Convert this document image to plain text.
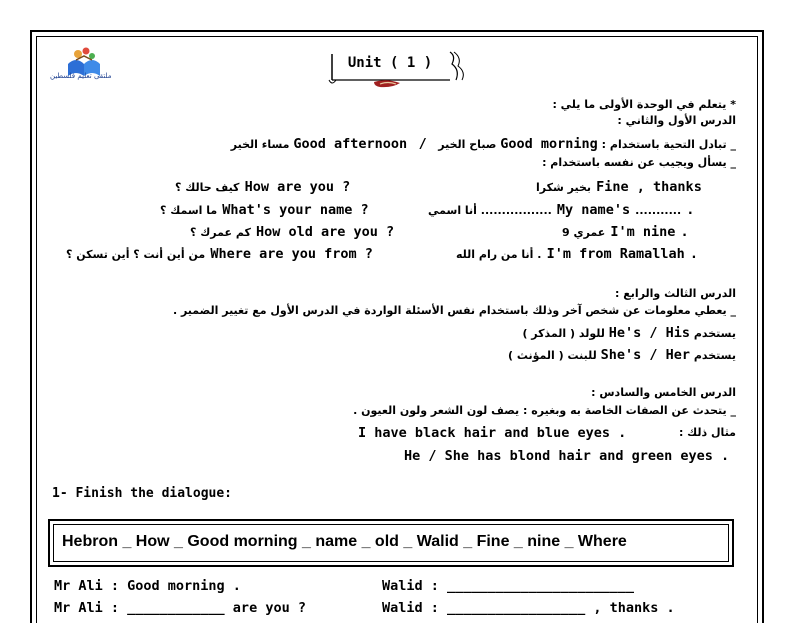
ملتقى تعليم فلسطين
Unit ( 1 )
* يتعلم في الوحدة الأولى ما يلي :
الدرس الأول والثاني :
_ تبادل التحية باستخدام : Good morning صباح الخير   /   Good afternoon مساء الخير
_ يسأل ويجيب عن نفسه باستخدام :
كيف حالك ؟ How are you ?	بخير شكرا Fine , thanks
ما اسمك ؟ What's your name ?	أنا اسمي ................. My name's ........... .
كم عمرك ؟ How old are you ?	عمري 9 I'm nine .
من أين أنت ؟ أين تسكن ؟ Where are you from ?	أنا من رام الله . I'm from Ramallah .
الدرس الثالث والرابع :
_ يعطي معلومات عن شخص آخر وذلك باستخدام نفس الأسئلة الواردة في الدرس الأول مع تغيير الضمير .
يستخدم He's / His للولد ( المذكر )
يستخدم She's / Her للبنت ( المؤنث )
الدرس الخامس والسادس :
_ يتحدث عن الصفات الخاصة به وبغيره : يصف لون الشعر ولون العيون .
مثال ذلك :
I have black hair and blue eyes .
He / She has blond hair and green eyes .
1- Finish the dialogue:
Hebron _ How _ Good morning _ name _ old _ Walid _ Fine _ nine _ Where
Mr Ali : Good morning .	Walid : _______________________
Mr Ali : ____________ are you ?	Walid : _________________ , thanks .
